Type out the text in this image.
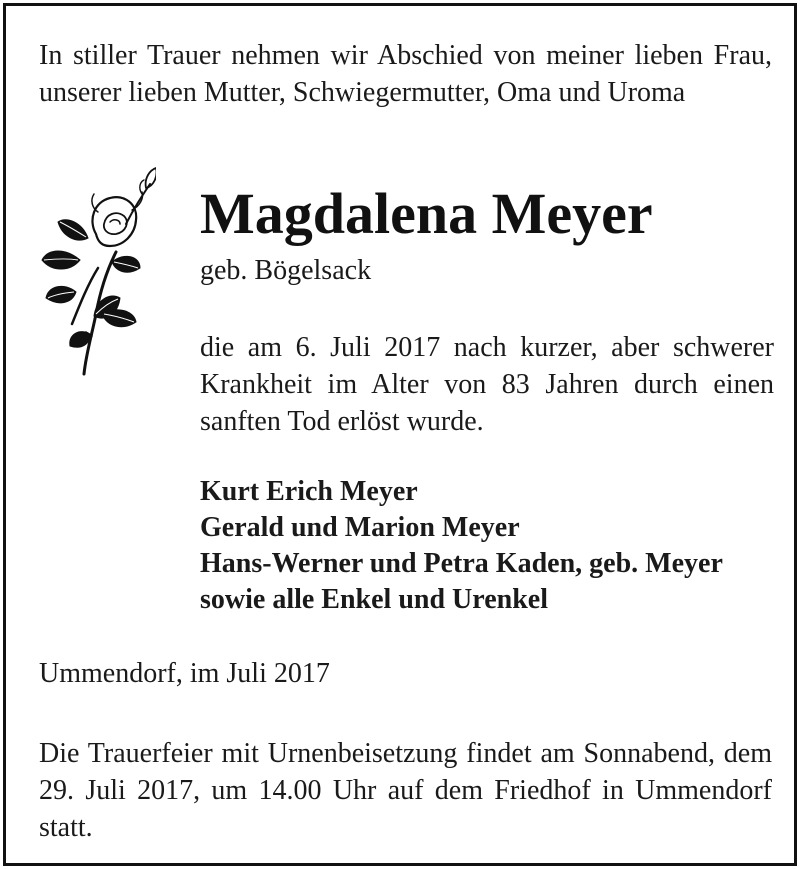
In stiller Trauer nehmen wir Abschied von meiner lieben Frau, unserer lieben Mutter, Schwiegermutter, Oma und Uroma

Magdalena Meyer
geb. Bögelsack

die am 6. Juli 2017 nach kurzer, aber schwerer Krankheit im Alter von 83 Jahren durch einen sanften Tod erlöst wurde.

Kurt Erich Meyer
Gerald und Marion Meyer
Hans-Werner und Petra Kaden, geb. Meyer
sowie alle Enkel und Urenkel
Ummendorf, im Juli 2017

Die Trauerfeier mit Urnenbeisetzung findet am Sonnabend, dem 29. Juli 2017, um 14.00 Uhr auf dem Friedhof in Ummendorf statt.
